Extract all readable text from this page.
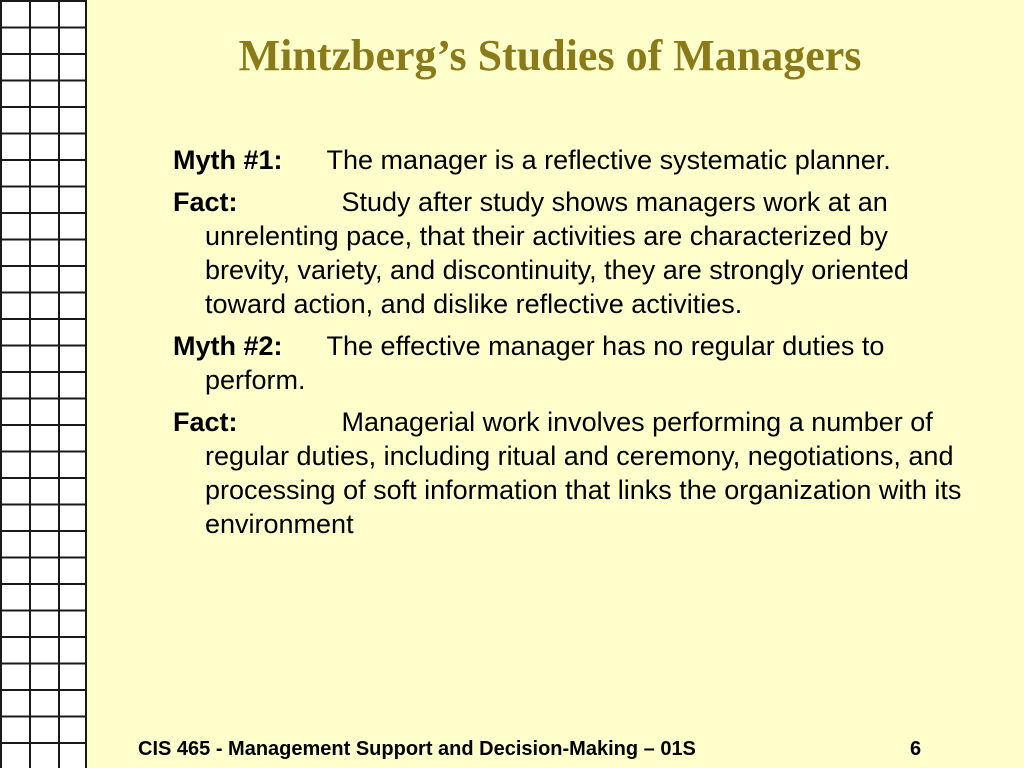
Mintzberg’s Studies of Managers

Myth #1: The manager is a reflective systematic planner.

Fact:	Study after study shows managers work at an unrelenting pace, that their activities are characterized by brevity, variety, and discontinuity, they are strongly oriented toward action, and dislike reflective activities.

Myth #2: The effective manager has no regular duties to perform.

Fact:	Managerial work involves performing a number of regular duties, including ritual and ceremony, negotiations, and processing of soft information that links the organization with its environment

CIS 465 - Management Support and Decision-Making – 01S	6
